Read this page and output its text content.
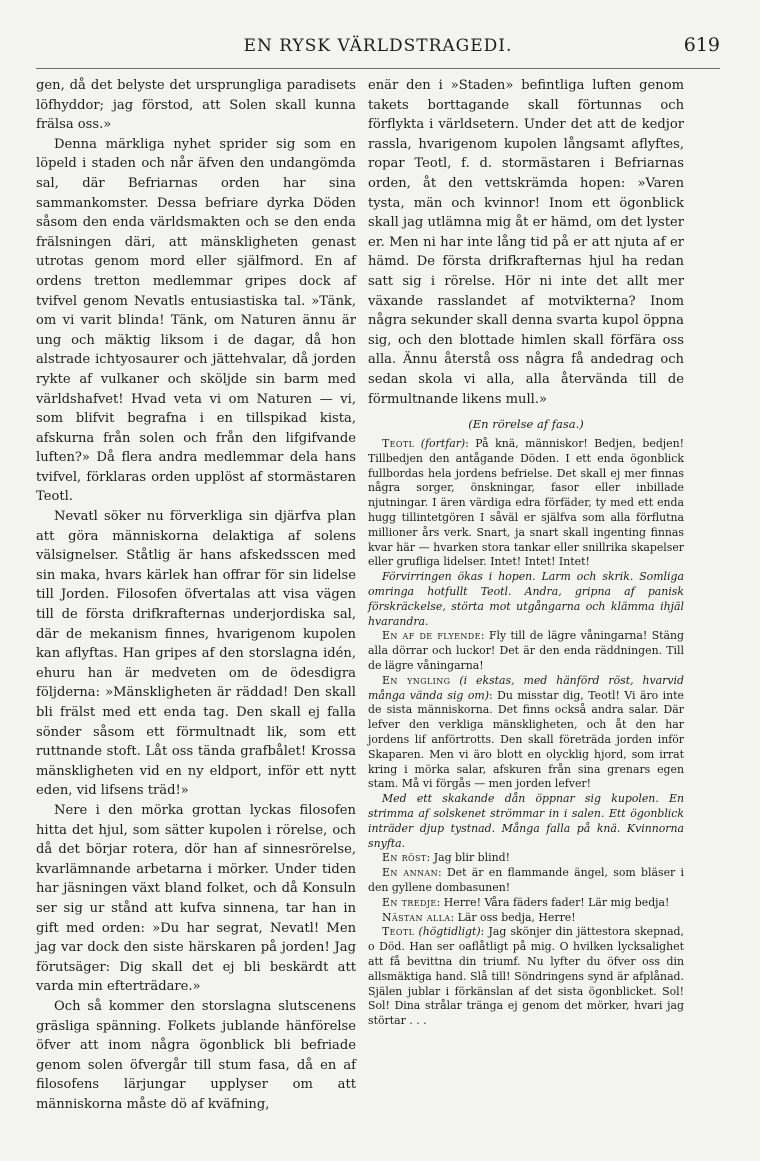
EN RYSK VÄRLDSTRAGEDI.	619

gen, då det belyste det ursprungliga paradisets löfhyddor; jag förstod, att Solen skall kunna frälsa oss.»

Denna märkliga nyhet sprider sig som en löpeld i staden och når äfven den undangömda sal, där Befriarnas orden har sina sammankomster. Dessa befriare dyrka Döden såsom den enda världsmakten och se den enda frälsningen däri, att mänskligheten genast utrotas genom mord eller själfmord. En af ordens tretton medlemmar gripes dock af tvifvel genom Nevatls entusiastiska tal. »Tänk, om vi varit blinda! Tänk, om Naturen ännu är ung och mäktig liksom i de dagar, då hon alstrade ichtyosaurer och jättehvalar, då jorden rykte af vulkaner och sköljde sin barm med världshafvet! Hvad veta vi om Naturen — vi, som blifvit begrafna i en tillspikad kista, afskurna från solen och från den lifgifvande luften?» Då flera andra medlemmar dela hans tvifvel, förklaras orden upplöst af stormästaren Teotl.

Nevatl söker nu förverkliga sin djärfva plan att göra människorna delaktiga af solens välsignelser. Ståtlig är hans afskedsscen med sin maka, hvars kärlek han offrar för sin lidelse till Jorden. Filosofen öfvertalas att visa vägen till de första drifkrafternas underjordiska sal, där de mekanism finnes, hvarigenom kupolen kan aflyftas. Han gripes af den storslagna idén, ehuru han är medveten om de ödesdigra följderna: »Mänskligheten är räddad! Den skall bli frälst med ett enda tag. Den skall ej falla sönder såsom ett förmultnadt lik, som ett ruttnande stoft. Låt oss tända grafbålet! Krossa mänskligheten vid en ny eldport, inför ett nytt eden, vid lifsens träd!»

Nere i den mörka grottan lyckas filosofen hitta det hjul, som sätter kupolen i rörelse, och då det börjar rotera, dör han af sinnesrörelse, kvarlämnande arbetarna i mörker. Under tiden har jäsningen växt bland folket, och då Konsuln ser sig ur stånd att kufva sinnena, tar han in gift med orden: »Du har segrat, Nevatl! Men jag var dock den siste härskaren på jorden! Jag förutsäger: Dig skall det ej bli beskärdt att varda min efterträdare.»

Och så kommer den storslagna slutscenens gräsliga spänning. Folkets jublande hänförelse öfver att inom några ögonblick bli befriade genom solen öfvergår till stum fasa, då en af filosofens lärjungar upplyser om att människorna måste dö af kväfning,

enär den i »Staden» befintliga luften genom takets borttagande skall förtunnas och förflykta i världsetern. Under det att de kedjor rassla, hvarigenom kupolen långsamt aflyftes, ropar Teotl, f. d. stormästaren i Befriarnas orden, åt den vettskrämda hopen: »Varen tysta, män och kvinnor! Inom ett ögonblick skall jag utlämna mig åt er hämd, om det lyster er. Men ni har inte lång tid på er att njuta af er hämd. De första drifkrafternas hjul ha redan satt sig i rörelse. Hör ni inte det allt mer växande rasslandet af motvikterna? Inom några sekunder skall denna svarta kupol öppna sig, och den blottade himlen skall förfära oss alla. Ännu återstå oss några få andedrag och sedan skola vi alla, alla återvända till de förmultnande likens mull.»

(En rörelse af fasa.)

Teotl (fortfar): På knä, människor! Bedjen, bedjen! Tillbedjen den antågande Döden. I ett enda ögonblick fullbordas hela jordens befrielse. Det skall ej mer finnas några sorger, önskningar, fasor eller inbillade njutningar. I ären värdiga edra förfäder, ty med ett enda hugg tillintetgören I såväl er själfva som alla förflutna millioner års verk. Snart, ja snart skall ingenting finnas kvar här — hvarken stora tankar eller snillrika skapelser eller grufliga lidelser. Intet! Intet! Intet!

Förvirringen ökas i hopen. Larm och skrik. Somliga omringa hotfullt Teotl. Andra, gripna af panisk förskräckelse, störta mot utgångarna och klämma ihjäl hvarandra.

En af de flyende: Fly till de lägre våningarna! Stäng alla dörrar och luckor! Det är den enda räddningen. Till de lägre våningarna!

En yngling (i ekstas, med hänförd röst, hvarvid många vända sig om): Du misstar dig, Teotl! Vi äro inte de sista människorna. Det finns också andra salar. Där lefver den verkliga mänskligheten, och åt den har jordens lif anförtrotts. Den skall företräda jorden inför Skaparen. Men vi äro blott en olycklig hjord, som irrat kring i mörka salar, afskuren från sina grenars egen stam. Må vi förgås — men jorden lefver!

Med ett skakande dån öppnar sig kupolen. En strimma af solskenet strömmar in i salen. Ett ögonblick inträder djup tystnad. Många falla på knä. Kvinnorna snyfta.

En röst: Jag blir blind!

En annan: Det är en flammande ängel, som bläser i den gyllene dombasunen!

En tredje: Herre! Våra fäders fader! Lär mig bedja!

Nästan alla: Lär oss bedja, Herre!

Teotl (högtidligt): Jag skönjer din jättestora skepnad, o Död. Han ser oaflåtligt på mig. O hvilken lycksalighet att få bevittna din triumf. Nu lyfter du öfver oss din allsmäktiga hand. Slå till! Söndringens synd är afplånad. Själen jublar i förkänslan af det sista ögonblicket. Sol! Sol! Dina strålar tränga ej genom det mörker, hvari jag störtar . . .
